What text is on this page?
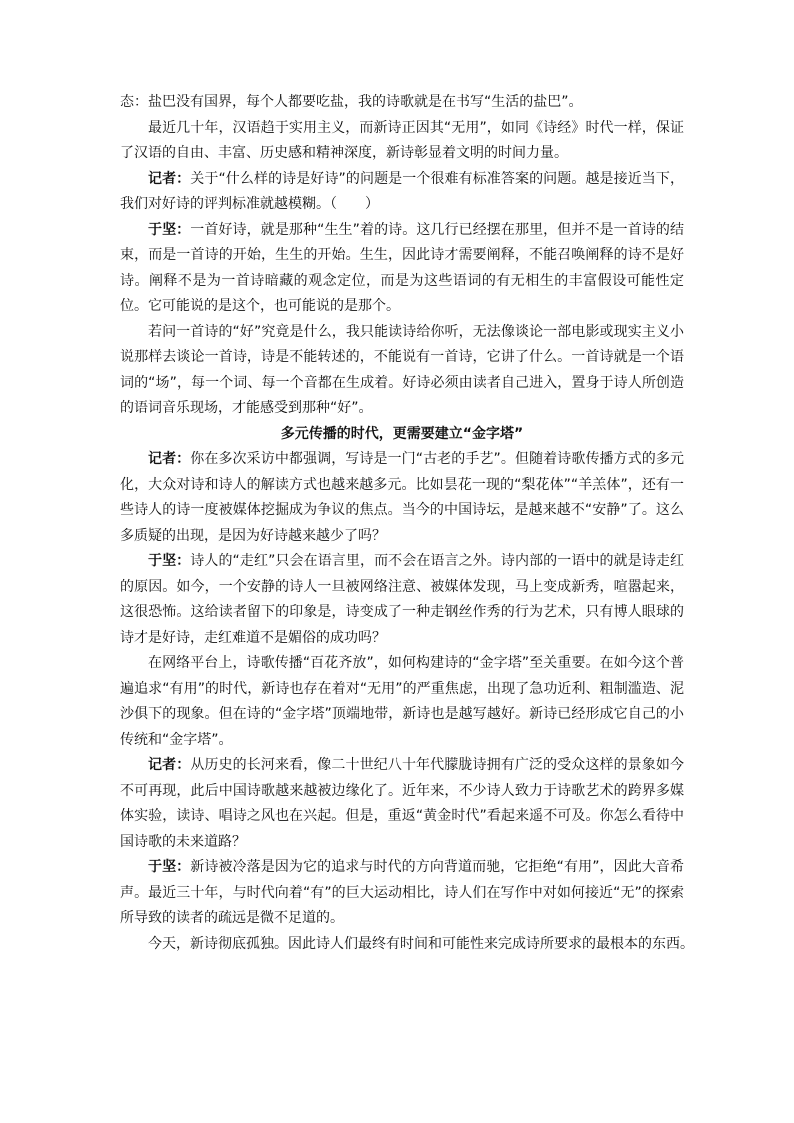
态：盐巴没有国界，每个人都要吃盐，我的诗歌就是在书写“生活的盐巴”。

最近几十年，汉语趋于实用主义，而新诗正因其“无用”，如同《诗经》时代一样，保证了汉语的自由、丰富、历史感和精神深度，新诗彰显着文明的时间力量。

记者：关于“什么样的诗是好诗”的问题是一个很难有标准答案的问题。越是接近当下，我们对好诗的评判标准就越模糊。（　　）

于坚：一首好诗，就是那种“生生”着的诗。这几行已经摆在那里，但并不是一首诗的结束，而是一首诗的开始，生生的开始。生生，因此诗才需要阐释，不能召唤阐释的诗不是好诗。阐释不是为一首诗暗藏的观念定位，而是为这些语词的有无相生的丰富假设可能性定位。它可能说的是这个，也可能说的是那个。

若问一首诗的“好”究竟是什么，我只能读诗给你听，无法像谈论一部电影或现实主义小说那样去谈论一首诗，诗是不能转述的，不能说有一首诗，它讲了什么。一首诗就是一个语词的“场”，每一个词、每一个音都在生成着。好诗必须由读者自己进入，置身于诗人所创造的语词音乐现场，才能感受到那种“好”。

多元传播的时代，更需要建立“金字塔”

记者：你在多次采访中都强调，写诗是一门“古老的手艺”。但随着诗歌传播方式的多元化，大众对诗和诗人的解读方式也越来越多元。比如昙花一现的“梨花体”“羊羔体”，还有一些诗人的诗一度被媒体挖掘成为争议的焦点。当今的中国诗坛，是越来越不“安静”了。这么多质疑的出现，是因为好诗越来越少了吗？

于坚：诗人的“走红”只会在语言里，而不会在语言之外。诗内部的一语中的就是诗走红的原因。如今，一个安静的诗人一旦被网络注意、被媒体发现，马上变成新秀，喧嚣起来，这很恐怖。这给读者留下的印象是，诗变成了一种走钢丝作秀的行为艺术，只有博人眼球的诗才是好诗，走红难道不是媚俗的成功吗？

在网络平台上，诗歌传播“百花齐放”，如何构建诗的“金字塔”至关重要。在如今这个普遍追求“有用”的时代，新诗也存在着对“无用”的严重焦虑，出现了急功近利、粗制滥造、泥沙俱下的现象。但在诗的“金字塔”顶端地带，新诗也是越写越好。新诗已经形成它自己的小传统和“金字塔”。

记者：从历史的长河来看，像二十世纪八十年代朦胧诗拥有广泛的受众这样的景象如今不可再现，此后中国诗歌越来越被边缘化了。近年来，不少诗人致力于诗歌艺术的跨界多媒体实验，读诗、唱诗之风也在兴起。但是，重返“黄金时代”看起来遥不可及。你怎么看待中国诗歌的未来道路？

于坚：新诗被冷落是因为它的追求与时代的方向背道而驰，它拒绝“有用”，因此大音希声。最近三十年，与时代向着“有”的巨大运动相比，诗人们在写作中对如何接近“无”的探索所导致的读者的疏远是微不足道的。

今天，新诗彻底孤独。因此诗人们最终有时间和可能性来完成诗所要求的最根本的东西。
